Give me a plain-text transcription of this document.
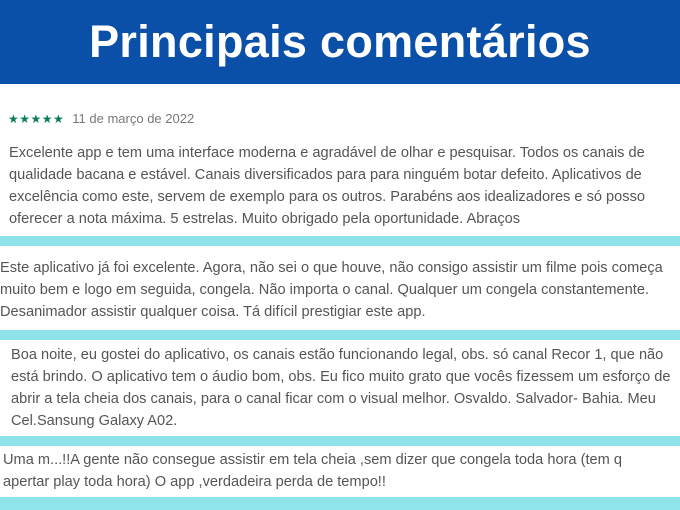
Principais comentários
★★★★★ 11 de março de 2022
Excelente app e tem uma interface moderna e agradável de olhar e pesquisar. Todos os canais de
qualidade bacana e estável. Canais diversificados para para ninguém botar defeito. Aplicativos de
excelência como este, servem de exemplo para os outros. Parabéns aos idealizadores e só posso
oferecer a nota máxima. 5 estrelas. Muito obrigado pela oportunidade. Abraços
Este aplicativo já foi excelente. Agora, não sei o que houve, não consigo assistir um filme pois começa
muito bem e logo em seguida, congela. Não importa o canal. Qualquer um congela constantemente.
Desanimador assistir qualquer coisa. Tá difícil prestigiar este app.
Boa noite, eu gostei do aplicativo, os canais estão funcionando legal, obs. só canal Recor 1, que não
está brindo. O aplicativo tem o áudio bom, obs. Eu fico muito grato que vocês fizessem um esforço de
abrir a tela cheia dos canais, para o canal ficar com o visual melhor. Osvaldo. Salvador- Bahia. Meu
Cel.Sansung Galaxy A02.
Uma m...!!A gente não consegue assistir em tela cheia ,sem dizer que congela toda hora (tem q
apertar play toda hora) O app ,verdadeira perda de tempo!!
